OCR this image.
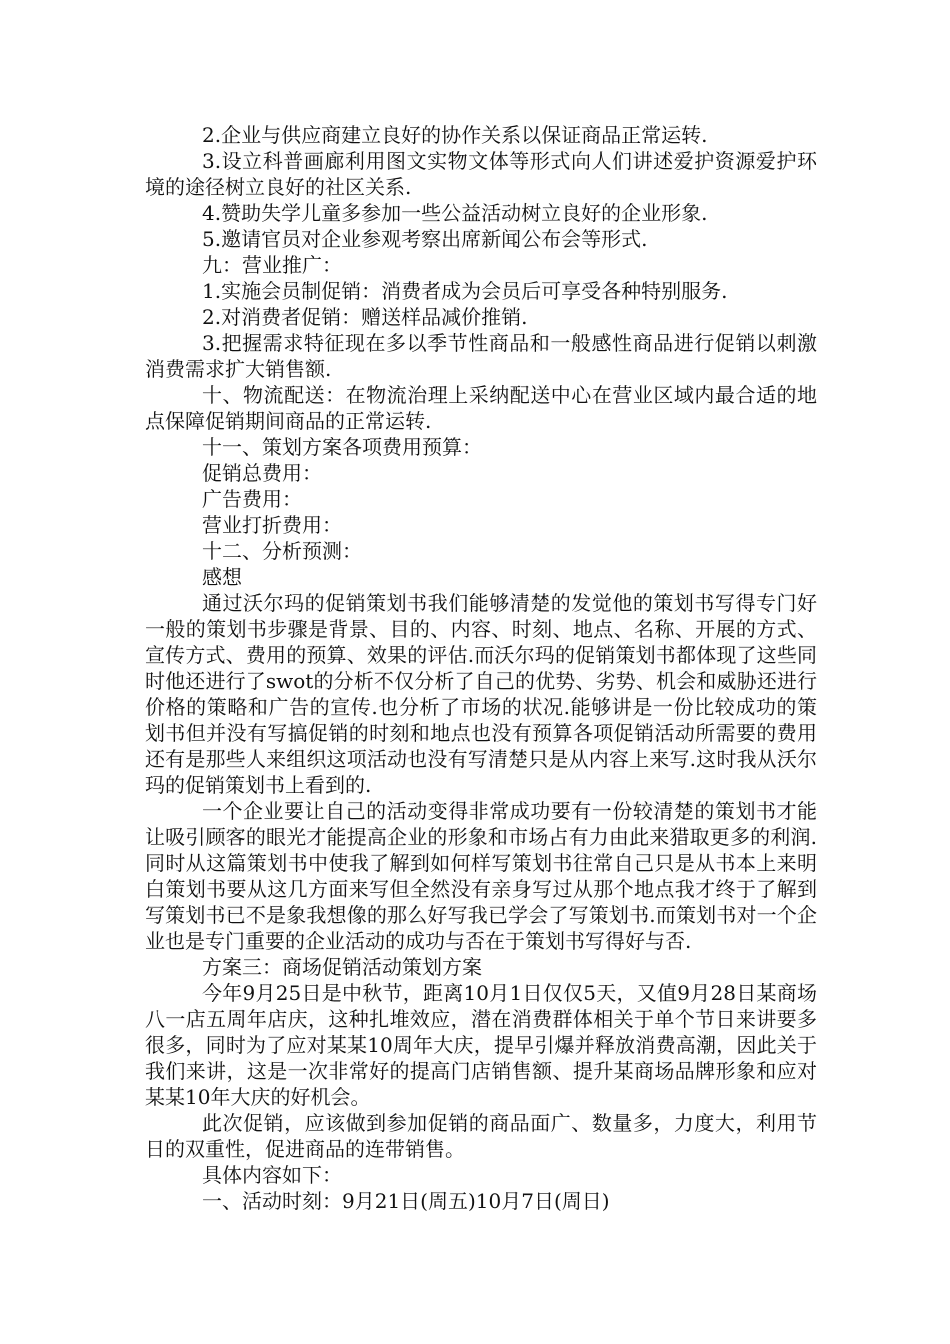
2.企业与供应商建立良好的协作关系以保证商品正常运转.

3.设立科普画廊利用图文实物文体等形式向人们讲述爱护资源爱护环境的途径树立良好的社区关系.

4.赞助失学儿童多参加一些公益活动树立良好的企业形象.

5.邀请官员对企业参观考察出席新闻公布会等形式.

九：营业推广：

1.实施会员制促销：消费者成为会员后可享受各种特别服务.

2.对消费者促销：赠送样品减价推销.

3.把握需求特征现在多以季节性商品和一般感性商品进行促销以刺激消费需求扩大销售额.

十、物流配送：在物流治理上采纳配送中心在营业区域内最合适的地点保障促销期间商品的正常运转.

十一、策划方案各项费用预算：

促销总费用：

广告费用：

营业打折费用：

十二、分析预测：

感想

通过沃尔玛的促销策划书我们能够清楚的发觉他的策划书写得专门好一般的策划书步骤是背景、目的、内容、时刻、地点、名称、开展的方式、宣传方式、费用的预算、效果的评估.而沃尔玛的促销策划书都体现了这些同时他还进行了swot的分析不仅分析了自己的优势、劣势、机会和威胁还进行价格的策略和广告的宣传.也分析了市场的状况.能够讲是一份比较成功的策划书但并没有写搞促销的时刻和地点也没有预算各项促销活动所需要的费用还有是那些人来组织这项活动也没有写清楚只是从内容上来写.这时我从沃尔玛的促销策划书上看到的.

一个企业要让自己的活动变得非常成功要有一份较清楚的策划书才能让吸引顾客的眼光才能提高企业的形象和市场占有力由此来猎取更多的利润.同时从这篇策划书中使我了解到如何样写策划书往常自己只是从书本上来明白策划书要从这几方面来写但全然没有亲身写过从那个地点我才终于了解到写策划书已不是象我想像的那么好写我已学会了写策划书.而策划书对一个企业也是专门重要的企业活动的成功与否在于策划书写得好与否.

方案三：商场促销活动策划方案

今年9月25日是中秋节，距离10月1日仅仅5天，又值9月28日某商场八一店五周年店庆，这种扎堆效应，潜在消费群体相关于单个节日来讲要多很多，同时为了应对某某10周年大庆，提早引爆并释放消费高潮，因此关于我们来讲，这是一次非常好的提高门店销售额、提升某商场品牌形象和应对某某10年大庆的好机会。

此次促销，应该做到参加促销的商品面广、数量多，力度大，利用节日的双重性，促进商品的连带销售。

具体内容如下：

一、活动时刻：9月21日(周五)10月7日(周日)
